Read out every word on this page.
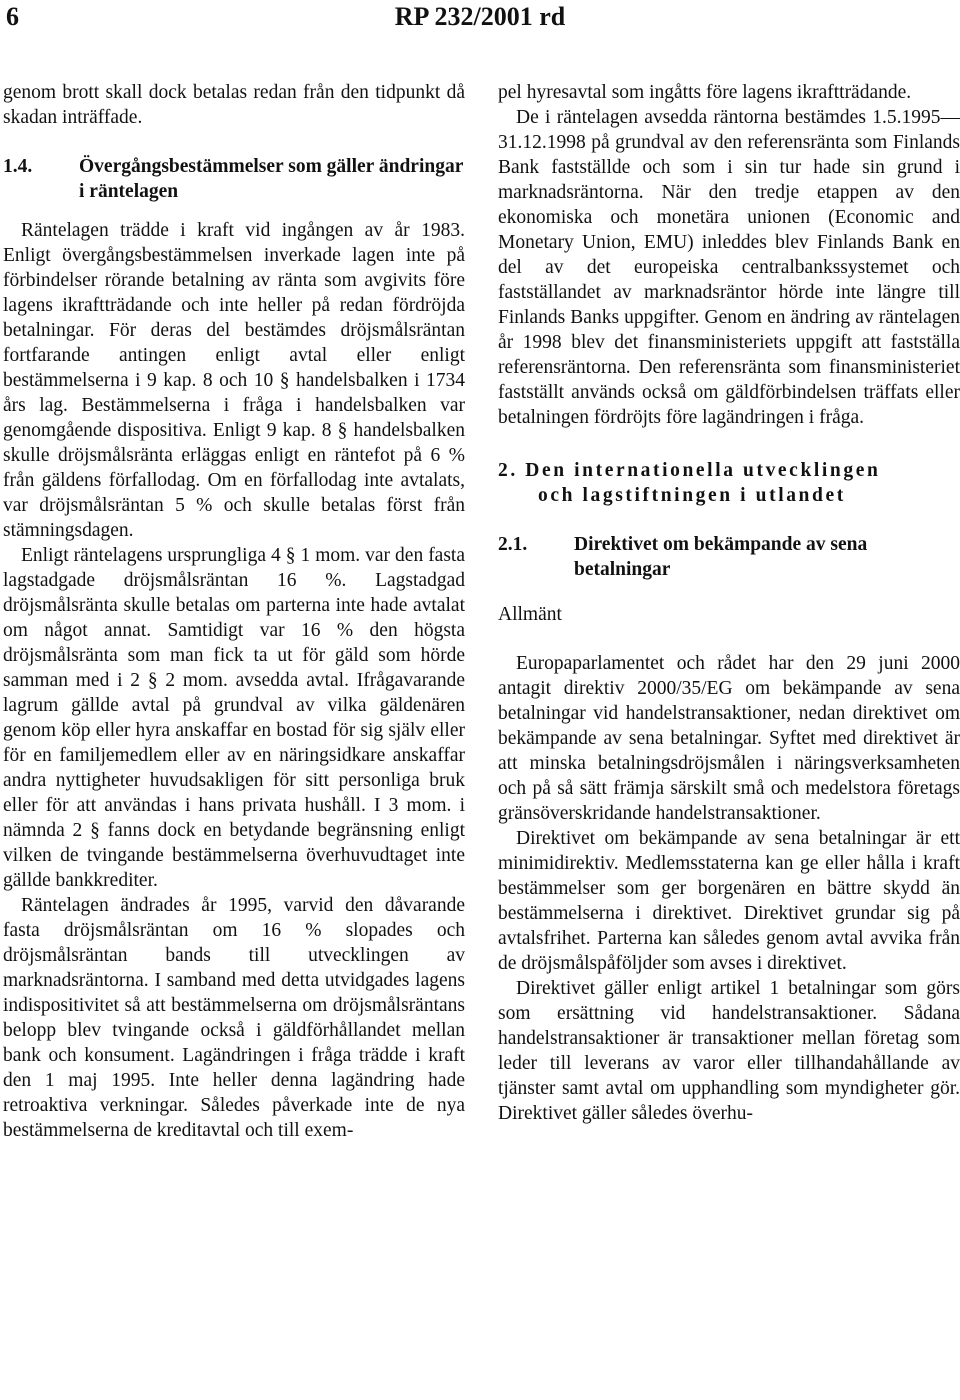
6	RP 232/2001 rd

genom brott skall dock betalas redan från den tidpunkt då skadan inträffade.

1.4.	Övergångsbestämmelser som gäller ändringar i räntelagen

Räntelagen trädde i kraft vid ingången av år 1983. Enligt övergångsbestämmelsen inverkade lagen inte på förbindelser rörande betalning av ränta som avgivits före lagens ikraftträdande och inte heller på redan fördröjda betalningar. För deras del bestämdes dröjsmålsräntan fortfarande antingen enligt avtal eller enligt bestämmelserna i 9 kap. 8 och 10 § handelsbalken i 1734 års lag. Bestämmelserna i fråga i handelsbalken var genomgående dispositiva. Enligt 9 kap. 8 § handelsbalken skulle dröjsmålsränta erläggas enligt en räntefot på 6 % från gäldens förfallodag. Om en förfallodag inte avtalats, var dröjsmålsräntan 5 % och skulle betalas först från stämningsdagen.

Enligt räntelagens ursprungliga 4 § 1 mom. var den fasta lagstadgade dröjsmålsräntan 16 %. Lagstadgad dröjsmålsränta skulle betalas om parterna inte hade avtalat om något annat. Samtidigt var 16 % den högsta dröjsmålsränta som man fick ta ut för gäld som hörde samman med i 2 § 2 mom. avsedda avtal. Ifrågavarande lagrum gällde avtal på grundval av vilka gäldenären genom köp eller hyra anskaffar en bostad för sig själv eller för en familjemedlem eller av en näringsidkare anskaffar andra nyttigheter huvudsakligen för sitt personliga bruk eller för att användas i hans privata hushåll. I 3 mom. i nämnda 2 § fanns dock en betydande begränsning enligt vilken de tvingande bestämmelserna överhuvudtaget inte gällde bankkrediter.

Räntelagen ändrades år 1995, varvid den dåvarande fasta dröjsmålsräntan om 16 % slopades och dröjsmålsräntan bands till utvecklingen av marknadsräntorna. I samband med detta utvidgades lagens indispositivitet så att bestämmelserna om dröjsmålsräntans belopp blev tvingande också i gäldförhållandet mellan bank och konsument. Lagändringen i fråga trädde i kraft den 1 maj 1995. Inte heller denna lagändring hade retroaktiva verkningar. Således påverkade inte de nya bestämmelserna de kreditavtal och till exem-

pel hyresavtal som ingåtts före lagens ikraftträdande.

De i räntelagen avsedda räntorna bestämdes 1.5.1995—31.12.1998 på grundval av den referensränta som Finlands Bank fastställde och som i sin tur hade sin grund i marknadsräntorna. När den tredje etappen av den ekonomiska och monetära unionen (Economic and Monetary Union, EMU) inleddes blev Finlands Bank en del av det europeiska centralbankssystemet och fastställandet av marknadsräntor hörde inte längre till Finlands Banks uppgifter. Genom en ändring av räntelagen år 1998 blev det finansministeriets uppgift att fastställa referensräntorna. Den referensränta som finansministeriet fastställt används också om gäldförbindelsen träffats eller betalningen fördröjts före lagändringen i fråga.

2. Den internationella utvecklingen
och lagstiftningen i utlandet
2.1.	Direktivet om bekämpande av sena betalningar

Allmänt

Europaparlamentet och rådet har den 29 juni 2000 antagit direktiv 2000/35/EG om bekämpande av sena betalningar vid handelstransaktioner, nedan direktivet om bekämpande av sena betalningar. Syftet med direktivet är att minska betalningsdröjsmålen i näringsverksamheten och på så sätt främja särskilt små och medelstora företags gränsöverskridande handelstransaktioner.

Direktivet om bekämpande av sena betalningar är ett minimidirektiv. Medlemsstaterna kan ge eller hålla i kraft bestämmelser som ger borgenären en bättre skydd än bestämmelserna i direktivet. Direktivet grundar sig på avtalsfrihet. Parterna kan således genom avtal avvika från de dröjsmålspåföljder som avses i direktivet.

Direktivet gäller enligt artikel 1 betalningar som görs som ersättning vid handelstransaktioner. Sådana handelstransaktioner är transaktioner mellan företag som leder till leverans av varor eller tillhandahållande av tjänster samt avtal om upphandling som myndigheter gör. Direktivet gäller således överhu-
